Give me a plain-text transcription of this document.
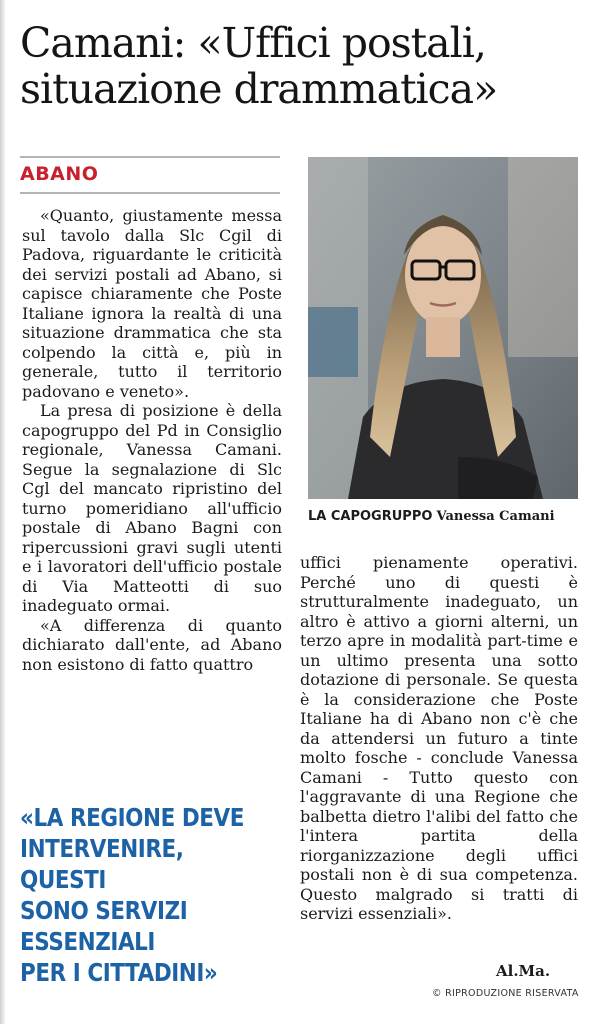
Camani: «Uffici postali,
situazione drammatica»
ABANO

«Quanto, giustamente messa sul tavolo dalla Slc Cgil di Padova, riguardante le criticità dei servizi postali ad Abano, si capisce chiaramente che Poste Italiane ignora la realtà di una situazione drammatica che sta colpendo la città e, più in generale, tutto il territorio padovano e veneto».

La presa di posizione è della capogruppo del Pd in Consiglio regionale, Vanessa Camani. Segue la segnalazione di Slc Cgl del mancato ripristino del turno pomeridiano all'ufficio postale di Abano Bagni con ripercussioni gravi sugli utenti e i lavoratori dell'ufficio postale di Via Matteotti di suo inadeguato ormai.

«A differenza di quanto dichiarato dall'ente, ad Abano non esistono di fatto quattro

LA CAPOGRUPPO Vanessa Camani

uffici pienamente operativi. Perché uno di questi è strutturalmente inadeguato, un altro è attivo a giorni alterni, un terzo apre in modalità part-time e un ultimo presenta una sotto dotazione di personale. Se questa è la considerazione che Poste Italiane ha di Abano non c'è che da attendersi un futuro a tinte molto fosche - conclude Vanessa Camani - Tutto questo con l'aggravante di una Regione che balbetta dietro l'alibi del fatto che l'intera partita della riorganizzazione degli uffici postali non è di sua competenza. Questo malgrado si tratti di servizi essenziali».

Al.Ma.
«LA REGIONE DEVE
INTERVENIRE,
QUESTI
SONO SERVIZI
ESSENZIALI
PER I CITTADINI»
© RIPRODUZIONE RISERVATA
